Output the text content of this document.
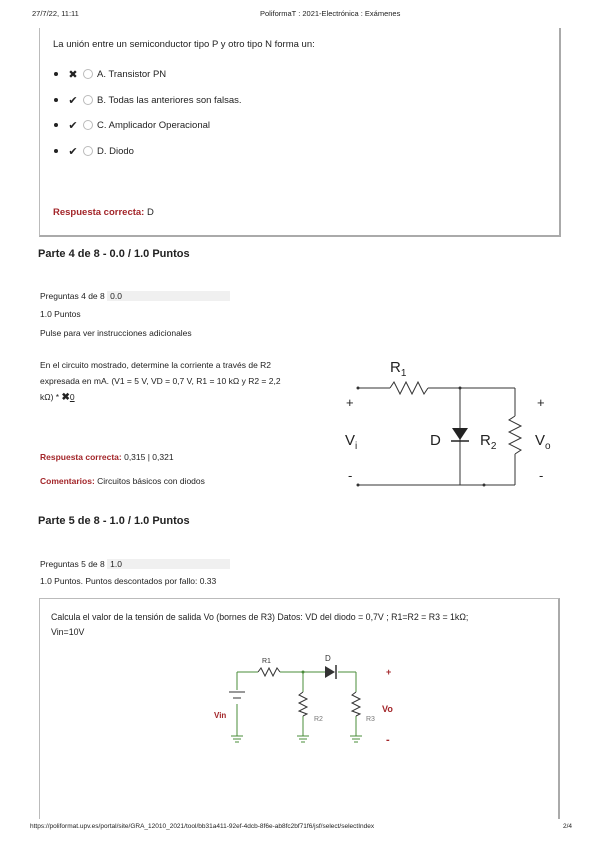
27/7/22, 11:11	PoliformaT : 2021-Electrónica : Exámenes
La unión entre un semiconductor tipo P y otro tipo N forma un:
✖ A. Transistor PN
✔ B. Todas las anteriores son falsas.
✔ C. Amplicador Operacional
✔ D. Diodo
Respuesta correcta: D
Parte 4 de 8 - 0.0 / 1.0 Puntos
Preguntas 4 de 8 0.0
1.0 Puntos
Pulse para ver instrucciones adicionales
En el circuito mostrado, determine la corriente a través de R2
expresada en mA. (V1 = 5 V, VD = 0,7 V, R1 = 10 kΩ y R2 = 2,2
kΩ) * ✖0
Respuesta correcta: 0,315 | 0,321
Comentarios: Circuitos básicos con diodos
$R_1$
D	$R_2$
$V_i$	$V_o$
+	+
-	-
Parte 5 de 8 - 1.0 / 1.0 Puntos
Preguntas 5 de 8 1.0
1.0 Puntos. Puntos descontados por fallo: 0.33
Calcula el valor de la tensión de salida Vo (bornes de R3) Datos: VD del diodo = 0,7V ; R1=R2 = R3 = 1kΩ;
Vin=10V
R1	D
Vin	R2	R3
Vo
+
-
https://poliformat.upv.es/portal/site/GRA_12010_2021/tool/bb31a411-92ef-4dcb-8f6e-ab8fc2bf71f6/jsf/select/selectIndex	2/4
